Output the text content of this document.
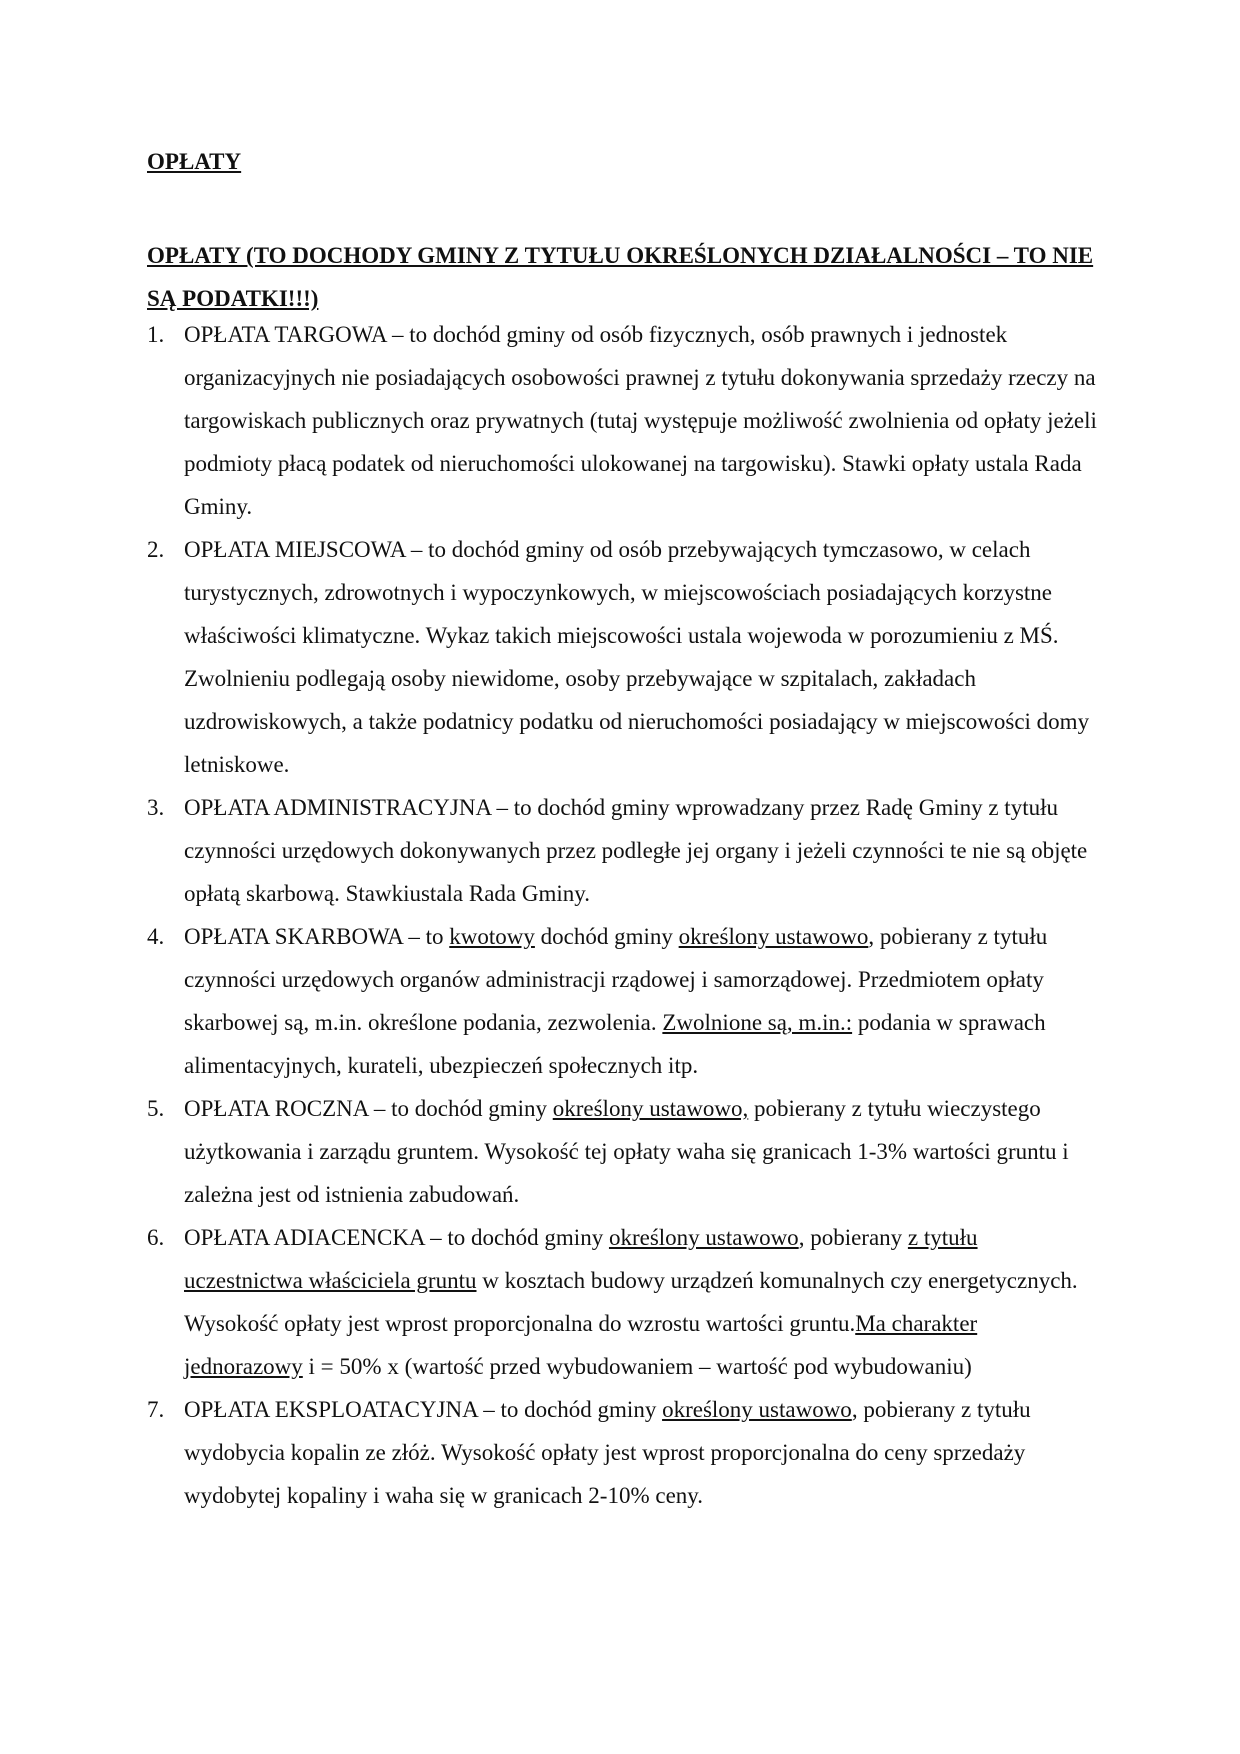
OPŁATY
OPŁATY (TO DOCHODY GMINY Z TYTUŁU OKREŚLONYCH DZIAŁALNOŚCI – TO NIE SĄ PODATKI!!!)
1. OPŁATA TARGOWA – to dochód gminy od osób fizycznych, osób prawnych i jednostek organizacyjnych nie posiadających osobowości prawnej z tytułu dokonywania sprzedaży rzeczy na targowiskach publicznych oraz prywatnych (tutaj występuje możliwość zwolnienia od opłaty jeżeli podmioty płacą podatek od nieruchomości ulokowanej na targowisku). Stawki opłaty ustala Rada Gminy.
2. OPŁATA MIEJSCOWA – to dochód gminy od osób przebywających tymczasowo, w celach turystycznych, zdrowotnych i wypoczynkowych, w miejscowościach posiadających korzystne właściwości klimatyczne. Wykaz takich miejscowości ustala wojewoda w porozumieniu z MŚ. Zwolnieniu podlegają osoby niewidome, osoby przebywające w szpitalach, zakładach uzdrowiskowych, a także podatnicy podatku od nieruchomości posiadający w miejscowości domy letniskowe.
3. OPŁATA ADMINISTRACYJNA – to dochód gminy wprowadzany przez Radę Gminy z tytułu czynności urzędowych dokonywanych przez podległe jej organy i jeżeli czynności te nie są objęte opłatą skarbową. Stawkiustala Rada Gminy.
4. OPŁATA SKARBOWA – to kwotowy dochód gminy określony ustawowo, pobierany z tytułu czynności urzędowych organów administracji rządowej i samorządowej. Przedmiotem opłaty skarbowej są, m.in. określone podania, zezwolenia. Zwolnione są, m.in.: podania w sprawach alimentacyjnych, kurateli, ubezpieczeń społecznych itp.
5. OPŁATA ROCZNA – to dochód gminy określony ustawowo, pobierany z tytułu wieczystego użytkowania i zarządu gruntem. Wysokość tej opłaty waha się granicach 1-3% wartości gruntu i zależna jest od istnienia zabudowań.
6. OPŁATA ADIACENCKA – to dochód gminy określony ustawowo, pobierany z tytułu uczestnictwa właściciela gruntu w kosztach budowy urządzeń komunalnych czy energetycznych. Wysokość opłaty jest wprost proporcjonalna do wzrostu wartości gruntu.Ma charakter jednorazowy i = 50% x (wartość przed wybudowaniem – wartość pod wybudowaniu)
7. OPŁATA EKSPLOATACYJNA – to dochód gminy określony ustawowo, pobierany z tytułu wydobycia kopalin ze złóż. Wysokość opłaty jest wprost proporcjonalna do ceny sprzedaży wydobytej kopaliny i waha się w granicach 2-10% ceny.
